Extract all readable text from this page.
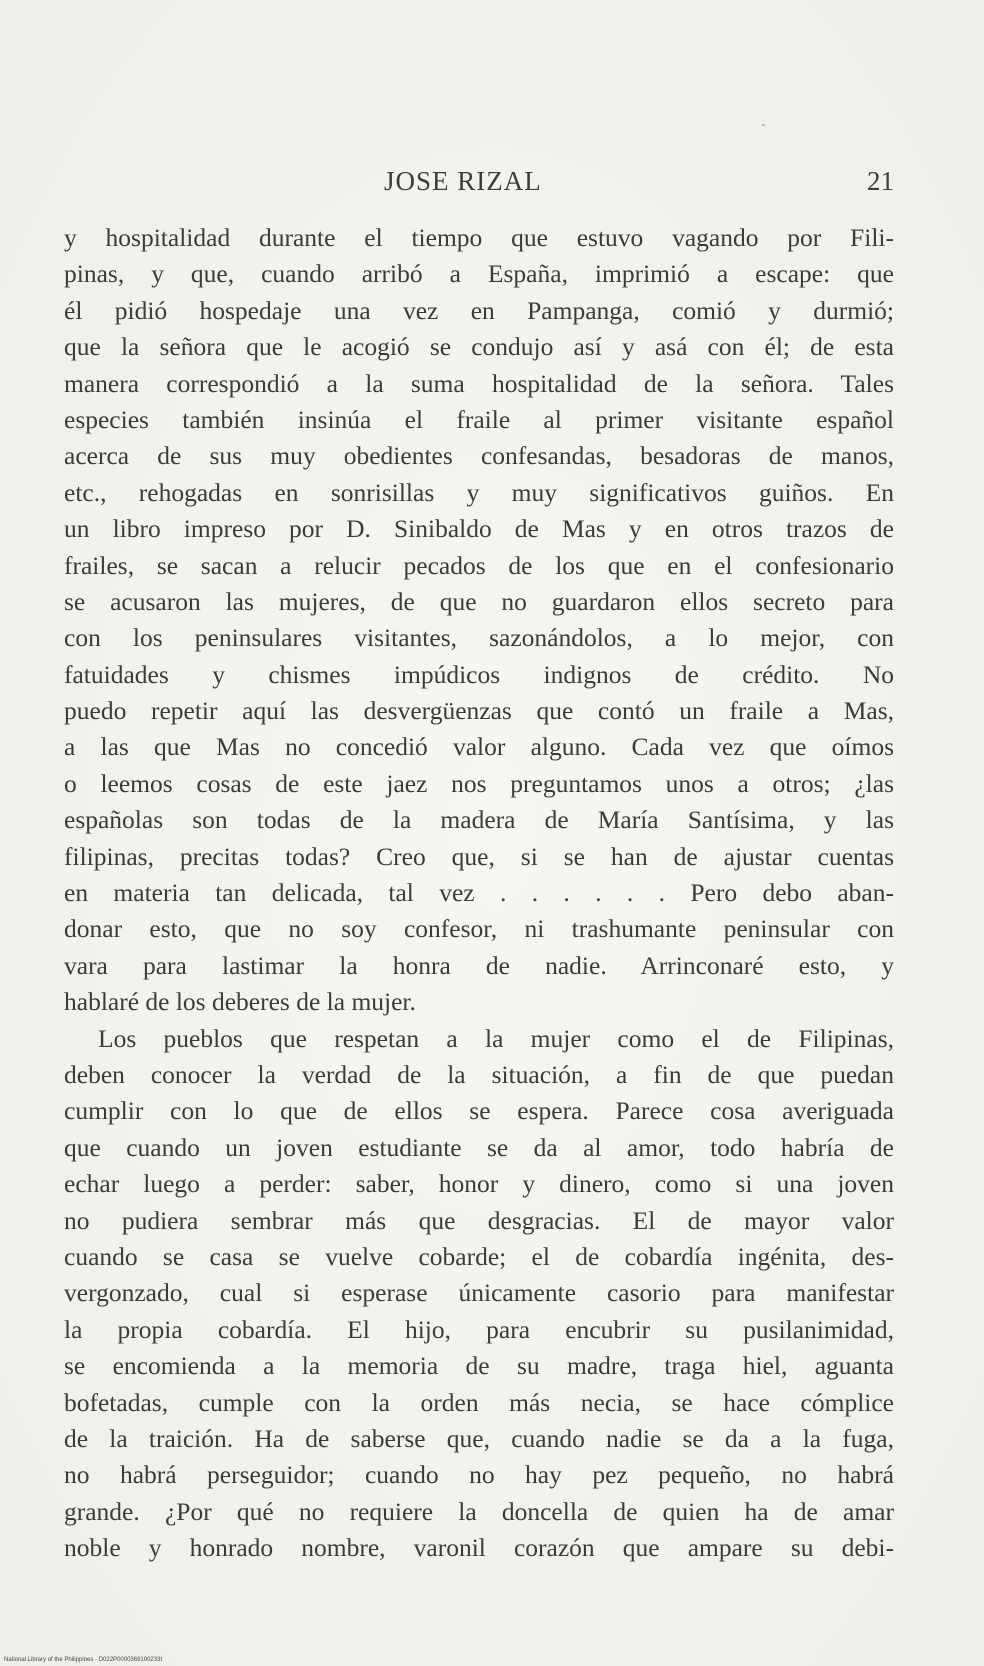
JOSE RIZAL	21
y hospitalidad durante el tiempo que estuvo vagando por Fili-
pinas, y que, cuando arribó a España, imprimió a escape: que
él pidió hospedaje una vez en Pampanga, comió y durmió;
que la señora que le acogió se condujo así y asá con él; de esta
manera correspondió a la suma hospitalidad de la señora. Tales
especies también insinúa el fraile al primer visitante español
acerca de sus muy obedientes confesandas, besadoras de manos,
etc., rehogadas en sonrisillas y muy significativos guiños. En
un libro impreso por D. Sinibaldo de Mas y en otros trazos de
frailes, se sacan a relucir pecados de los que en el confesionario
se acusaron las mujeres, de que no guardaron ellos secreto para
con los peninsulares visitantes, sazonándolos, a lo mejor, con
fatuidades y chismes impúdicos indignos de crédito. No
puedo repetir aquí las desvergüenzas que contó un fraile a Mas,
a las que Mas no concedió valor alguno. Cada vez que oímos
o leemos cosas de este jaez nos preguntamos unos a otros; ¿las
españolas son todas de la madera de María Santísima, y las
filipinas, precitas todas? Creo que, si se han de ajustar cuentas
en materia tan delicada, tal vez . . . . . . Pero debo aban-
donar esto, que no soy confesor, ni trashumante peninsular con
vara para lastimar la honra de nadie. Arrinconaré esto, y
hablaré de los deberes de la mujer.
Los pueblos que respetan a la mujer como el de Filipinas,
deben conocer la verdad de la situación, a fin de que puedan
cumplir con lo que de ellos se espera. Parece cosa averiguada
que cuando un joven estudiante se da al amor, todo habría de
echar luego a perder: saber, honor y dinero, como si una joven
no pudiera sembrar más que desgracias. El de mayor valor
cuando se casa se vuelve cobarde; el de cobardía ingénita, des-
vergonzado, cual si esperase únicamente casorio para manifestar
la propia cobardía. El hijo, para encubrir su pusilanimidad,
se encomienda a la memoria de su madre, traga hiel, aguanta
bofetadas, cumple con la orden más necia, se hace cómplice
de la traición. Ha de saberse que, cuando nadie se da a la fuga,
no habrá perseguidor; cuando no hay pez pequeño, no habrá
grande. ¿Por qué no requiere la doncella de quien ha de amar
noble y honrado nombre, varonil corazón que ampare su debi-
National Library of the Philippines · D022P0000369100233t
